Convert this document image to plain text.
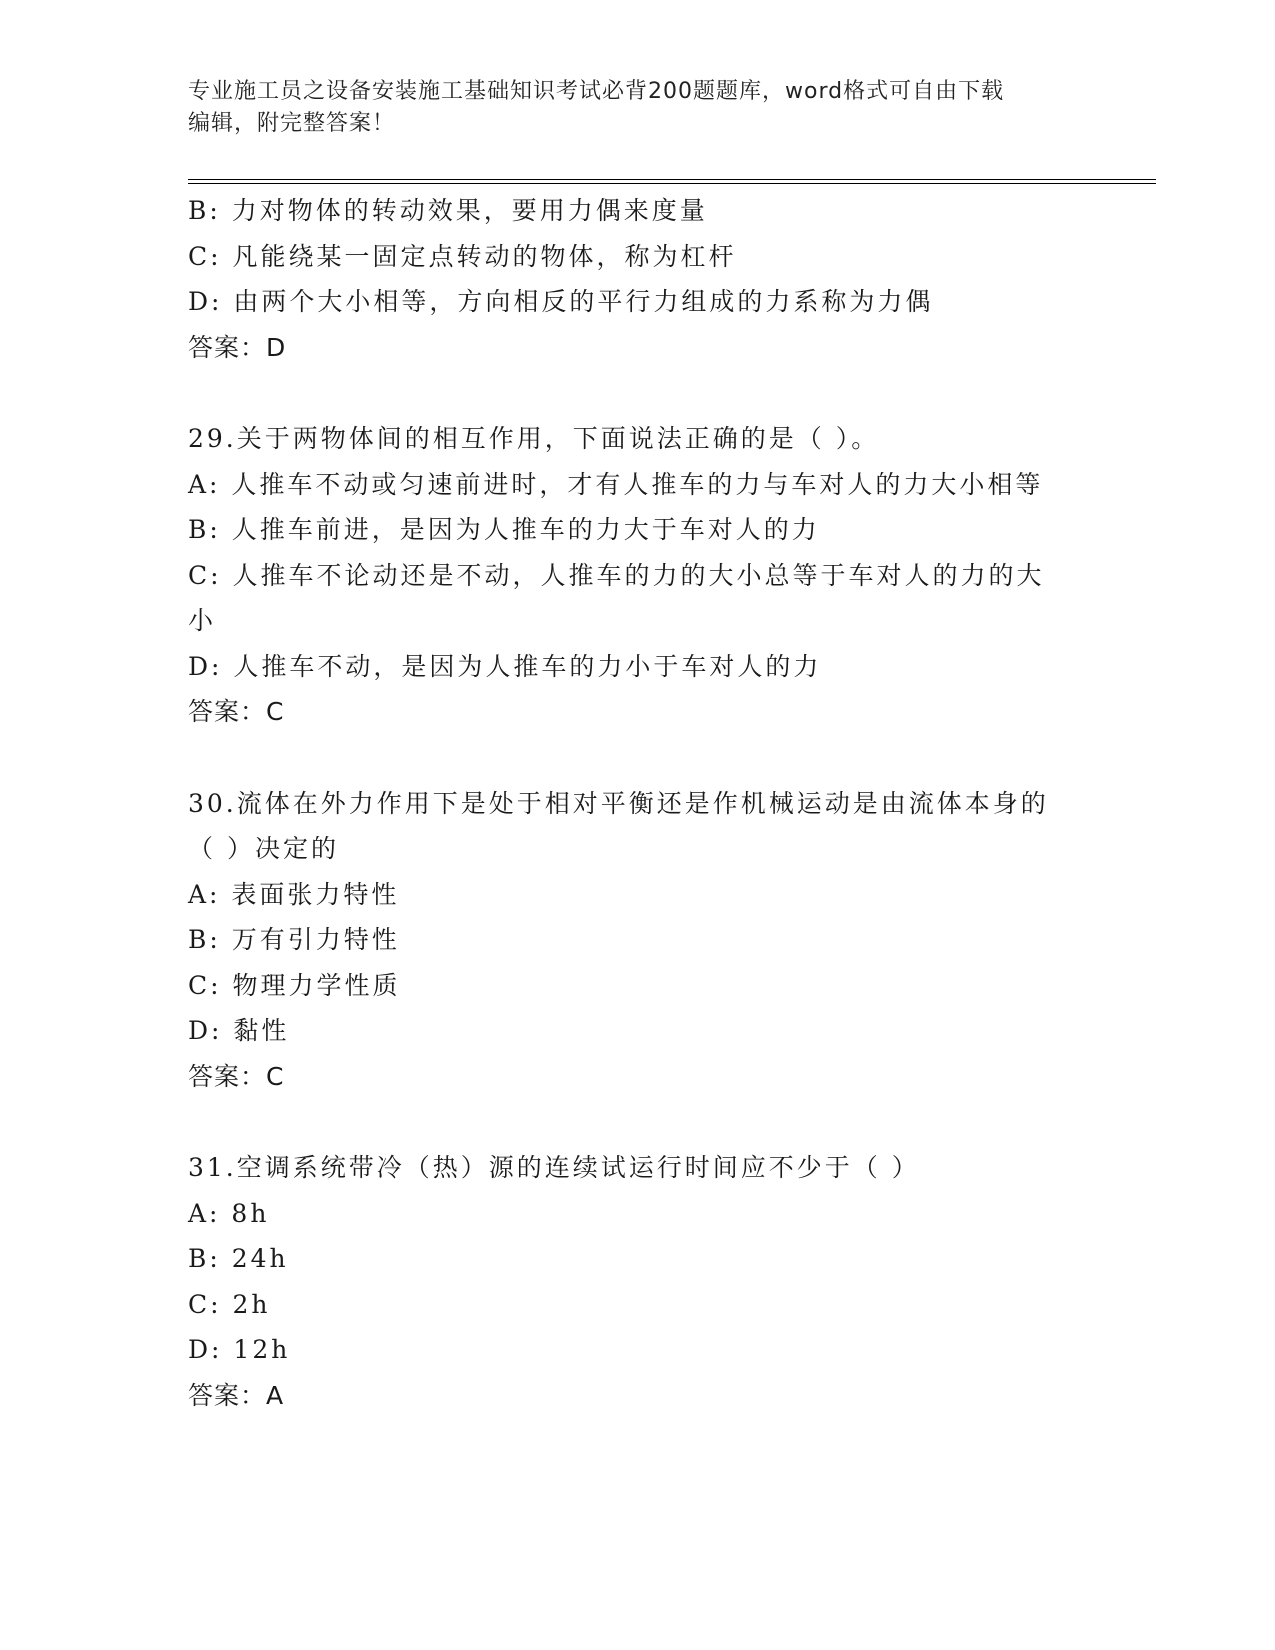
专业施工员之设备安装施工基础知识考试必背200题题库，word格式可自由下载
编辑，附完整答案！
B: 力对物体的转动效果，要用力偶来度量
C: 凡能绕某一固定点转动的物体，称为杠杆
D: 由两个大小相等，方向相反的平行力组成的力系称为力偶
答案：D
29.关于两物体间的相互作用，下面说法正确的是（ ）。
A: 人推车不动或匀速前进时，才有人推车的力与车对人的力大小相等
B: 人推车前进，是因为人推车的力大于车对人的力
C: 人推车不论动还是不动，人推车的力的大小总等于车对人的力的大
小
D: 人推车不动，是因为人推车的力小于车对人的力
答案：C
30.流体在外力作用下是处于相对平衡还是作机械运动是由流体本身的
（ ）决定的
A: 表面张力特性
B: 万有引力特性
C: 物理力学性质
D: 黏性
答案：C
31.空调系统带冷（热）源的连续试运行时间应不少于（ ）
A: 8h
B: 24h
C: 2h
D: 12h
答案：A
